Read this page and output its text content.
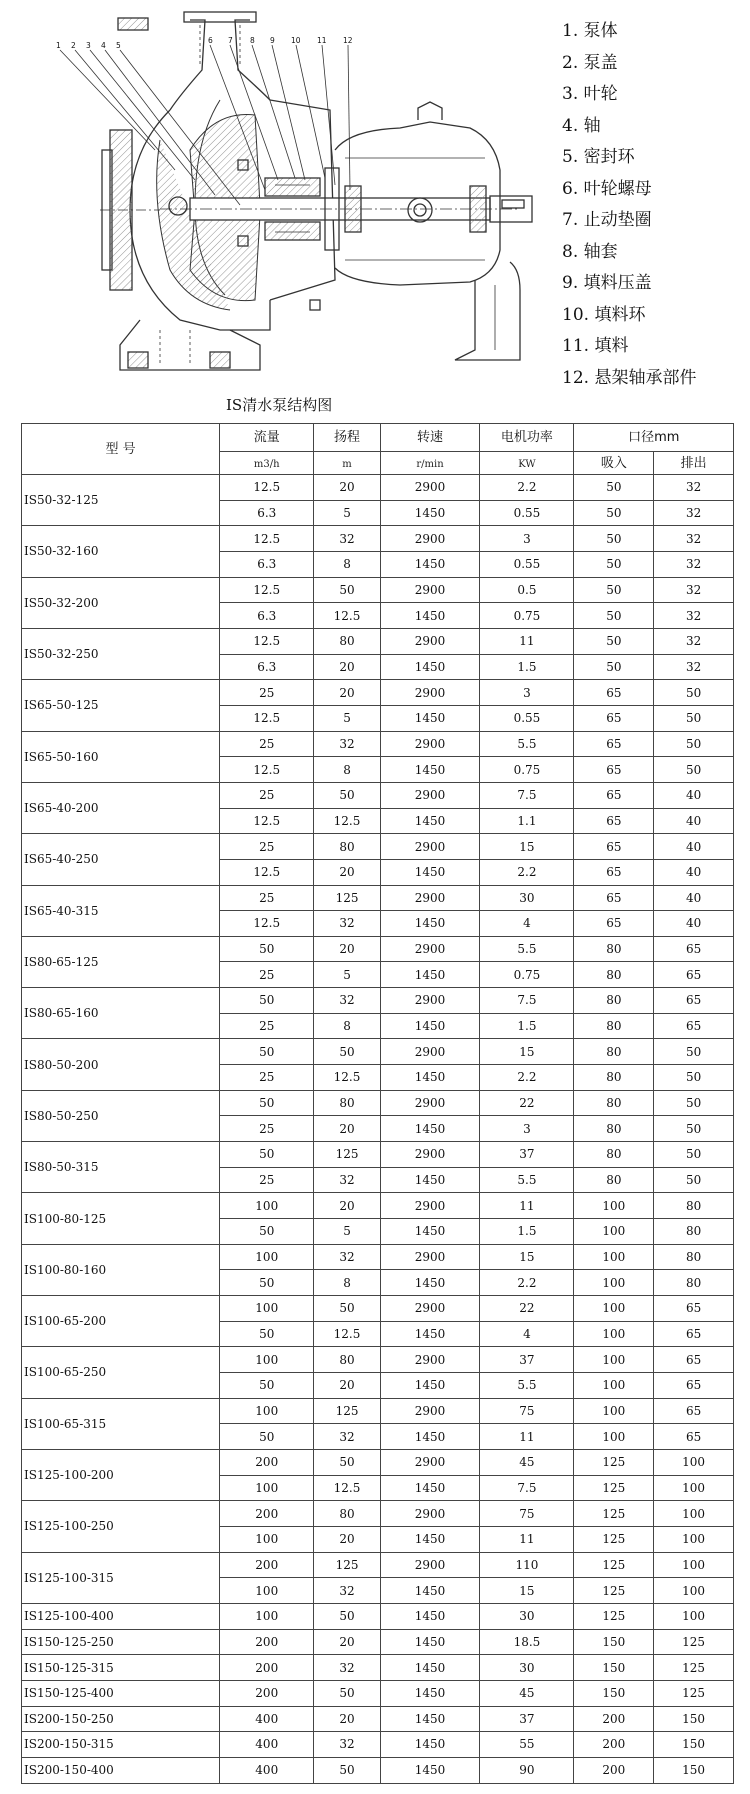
1 2 3 4 5
6 7 8 9 10 11 12	1. 泵体
2. 泵盖
3. 叶轮
4. 轴
5. 密封环
6. 叶轮螺母
7. 止动垫圈
8. 轴套
9. 填料压盖
10. 填料环
11. 填料
12. 悬架轴承部件
IS清水泵结构图
型 号	流量	扬程	转速	电机功率	口径mm	
	m3/h	m	r/min	KW	吸入	排出
IS50-32-125	12.5	20	2900	2.2	50	32
	6.3	5	1450	0.55	50	32
IS50-32-160	12.5	32	2900	3	50	32
	6.3	8	1450	0.55	50	32
IS50-32-200	12.5	50	2900	0.5	50	32
	6.3	12.5	1450	0.75	50	32
IS50-32-250	12.5	80	2900	11	50	32
	6.3	20	1450	1.5	50	32
IS65-50-125	25	20	2900	3	65	50
	12.5	5	1450	0.55	65	50
IS65-50-160	25	32	2900	5.5	65	50
	12.5	8	1450	0.75	65	50
IS65-40-200	25	50	2900	7.5	65	40
	12.5	12.5	1450	1.1	65	40
IS65-40-250	25	80	2900	15	65	40
	12.5	20	1450	2.2	65	40
IS65-40-315	25	125	2900	30	65	40
	12.5	32	1450	4	65	40
IS80-65-125	50	20	2900	5.5	80	65
	25	5	1450	0.75	80	65
IS80-65-160	50	32	2900	7.5	80	65
	25	8	1450	1.5	80	65
IS80-50-200	50	50	2900	15	80	50
	25	12.5	1450	2.2	80	50
IS80-50-250	50	80	2900	22	80	50
	25	20	1450	3	80	50
IS80-50-315	50	125	2900	37	80	50
	25	32	1450	5.5	80	50
IS100-80-125	100	20	2900	11	100	80
	50	5	1450	1.5	100	80
IS100-80-160	100	32	2900	15	100	80
	50	8	1450	2.2	100	80
IS100-65-200	100	50	2900	22	100	65
	50	12.5	1450	4	100	65
IS100-65-250	100	80	2900	37	100	65
	50	20	1450	5.5	100	65
IS100-65-315	100	125	2900	75	100	65
	50	32	1450	11	100	65
IS125-100-200	200	50	2900	45	125	100
	100	12.5	1450	7.5	125	100
IS125-100-250	200	80	2900	75	125	100
	100	20	1450	11	125	100
IS125-100-315	200	125	2900	110	125	100
	100	32	1450	15	125	100
IS125-100-400	100	50	1450	30	125	100
IS150-125-250	200	20	1450	18.5	150	125
IS150-125-315	200	32	1450	30	150	125
IS150-125-400	200	50	1450	45	150	125
IS200-150-250	400	20	1450	37	200	150
IS200-150-315	400	32	1450	55	200	150
IS200-150-400	400	50	1450	90	200	150
